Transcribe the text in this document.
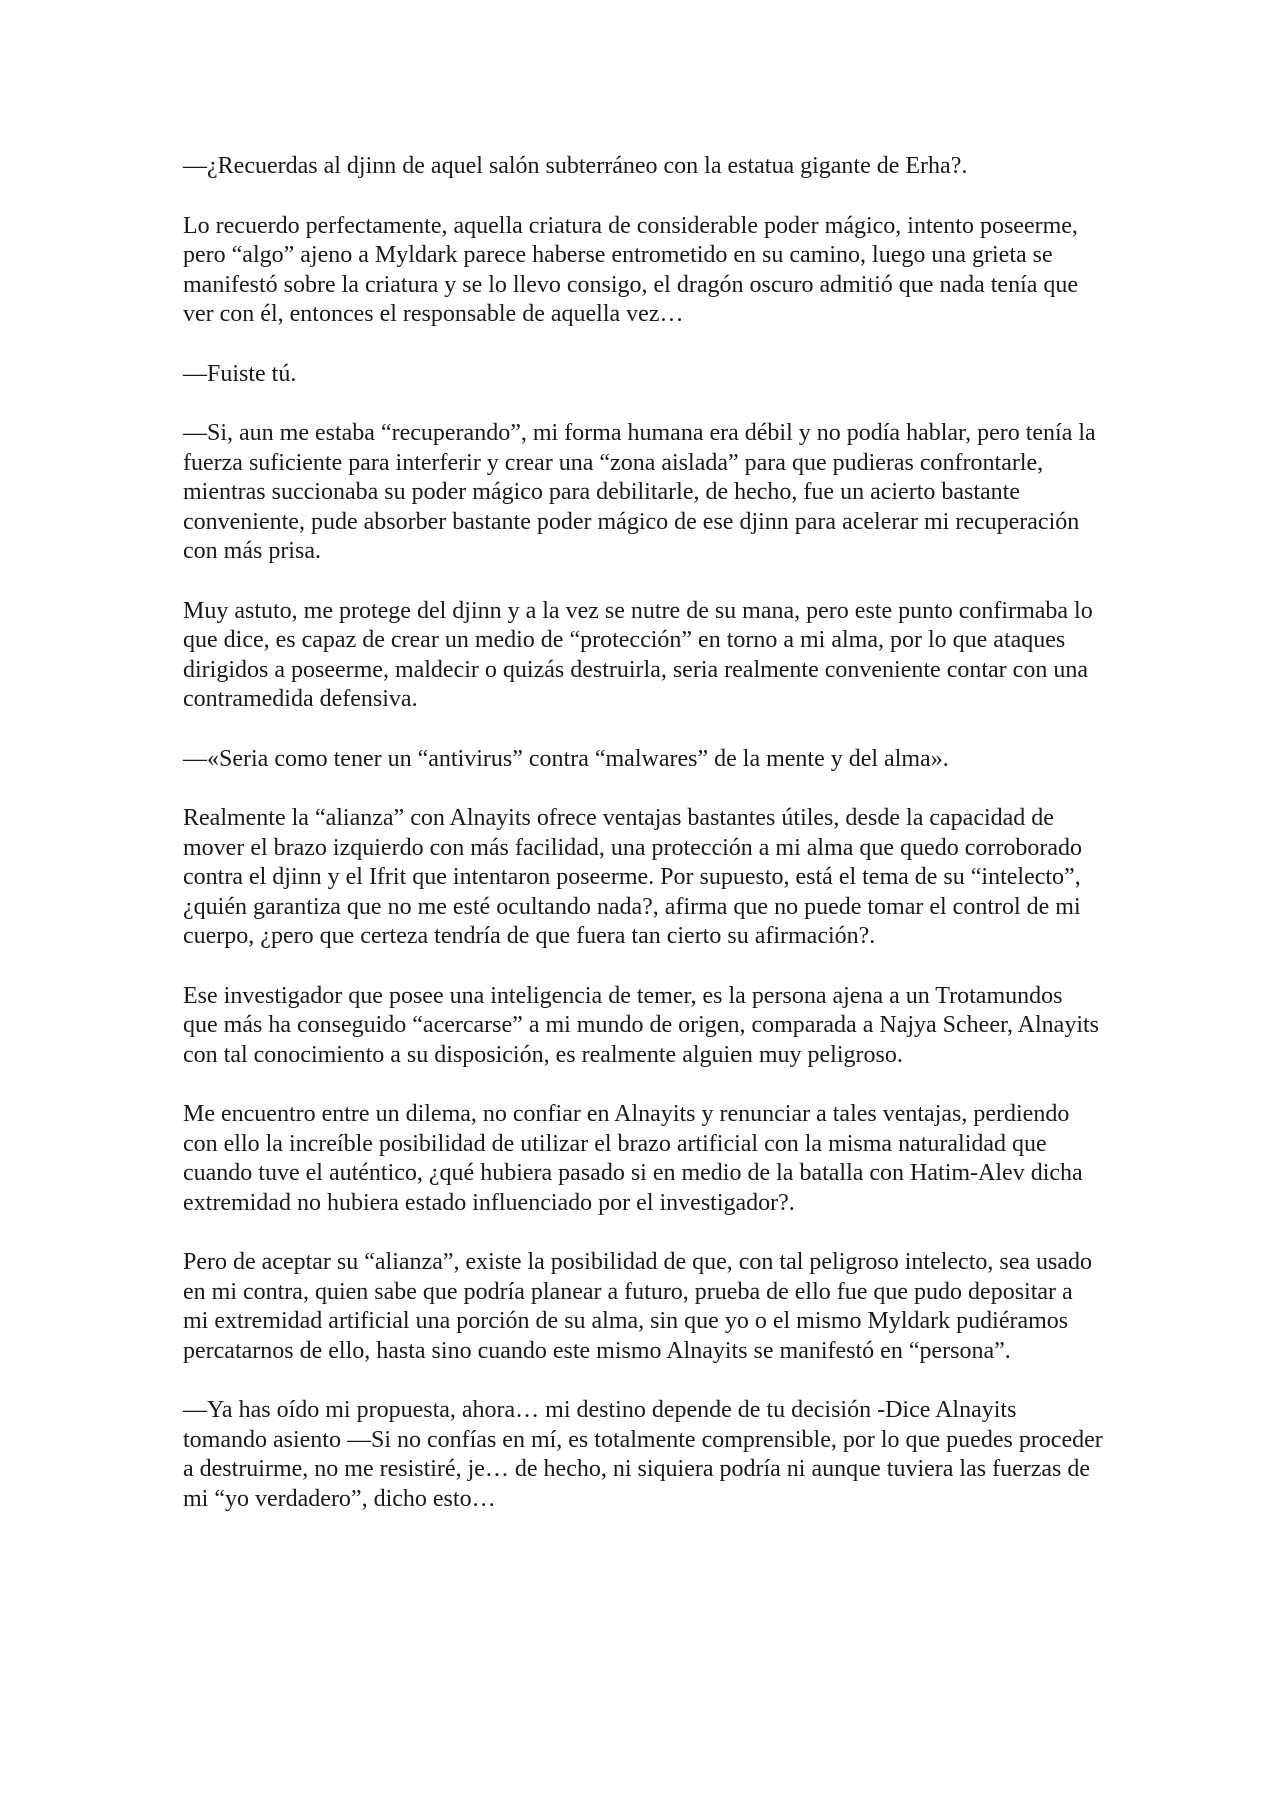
—¿Recuerdas al djinn de aquel salón subterráneo con la estatua gigante de Erha?.

Lo recuerdo perfectamente, aquella criatura de considerable poder mágico, intento poseerme, pero “algo” ajeno a Myldark parece haberse entrometido en su camino, luego una grieta se manifestó sobre la criatura y se lo llevo consigo, el dragón oscuro admitió que nada tenía que ver con él, entonces el responsable de aquella vez…

—Fuiste tú.

—Si, aun me estaba “recuperando”, mi forma humana era débil y no podía hablar, pero tenía la fuerza suficiente para interferir y crear una “zona aislada” para que pudieras confrontarle, mientras succionaba su poder mágico para debilitarle, de hecho, fue un acierto bastante conveniente, pude absorber bastante poder mágico de ese djinn para acelerar mi recuperación con más prisa.

Muy astuto, me protege del djinn y a la vez se nutre de su mana, pero este punto confirmaba lo que dice, es capaz de crear un medio de “protección” en torno a mi alma, por lo que ataques dirigidos a poseerme, maldecir o quizás destruirla, seria realmente conveniente contar con una contramedida defensiva.

—«Seria como tener un “antivirus” contra “malwares” de la mente y del alma».

Realmente la “alianza” con Alnayits ofrece ventajas bastantes útiles, desde la capacidad de mover el brazo izquierdo con más facilidad, una protección a mi alma que quedo corroborado contra el djinn y el Ifrit que intentaron poseerme. Por supuesto, está el tema de su “intelecto”, ¿quién garantiza que no me esté ocultando nada?, afirma que no puede tomar el control de mi cuerpo, ¿pero que certeza tendría de que fuera tan cierto su afirmación?.

Ese investigador que posee una inteligencia de temer, es la persona ajena a un Trotamundos que más ha conseguido “acercarse” a mi mundo de origen, comparada a Najya Scheer, Alnayits con tal conocimiento a su disposición, es realmente alguien muy peligroso.

Me encuentro entre un dilema, no confiar en Alnayits y renunciar a tales ventajas, perdiendo con ello la increíble posibilidad de utilizar el brazo artificial con la misma naturalidad que cuando tuve el auténtico, ¿qué hubiera pasado si en medio de la batalla con Hatim-Alev dicha extremidad no hubiera estado influenciado por el investigador?.

Pero de aceptar su “alianza”, existe la posibilidad de que, con tal peligroso intelecto, sea usado en mi contra, quien sabe que podría planear a futuro, prueba de ello fue que pudo depositar a mi extremidad artificial una porción de su alma, sin que yo o el mismo Myldark pudiéramos percatarnos de ello, hasta sino cuando este mismo Alnayits se manifestó en “persona”.

—Ya has oído mi propuesta, ahora… mi destino depende de tu decisión -Dice Alnayits tomando asiento —Si no confías en mí, es totalmente comprensible, por lo que puedes proceder a destruirme, no me resistiré, je… de hecho, ni siquiera podría ni aunque tuviera las fuerzas de mi “yo verdadero”, dicho esto…
